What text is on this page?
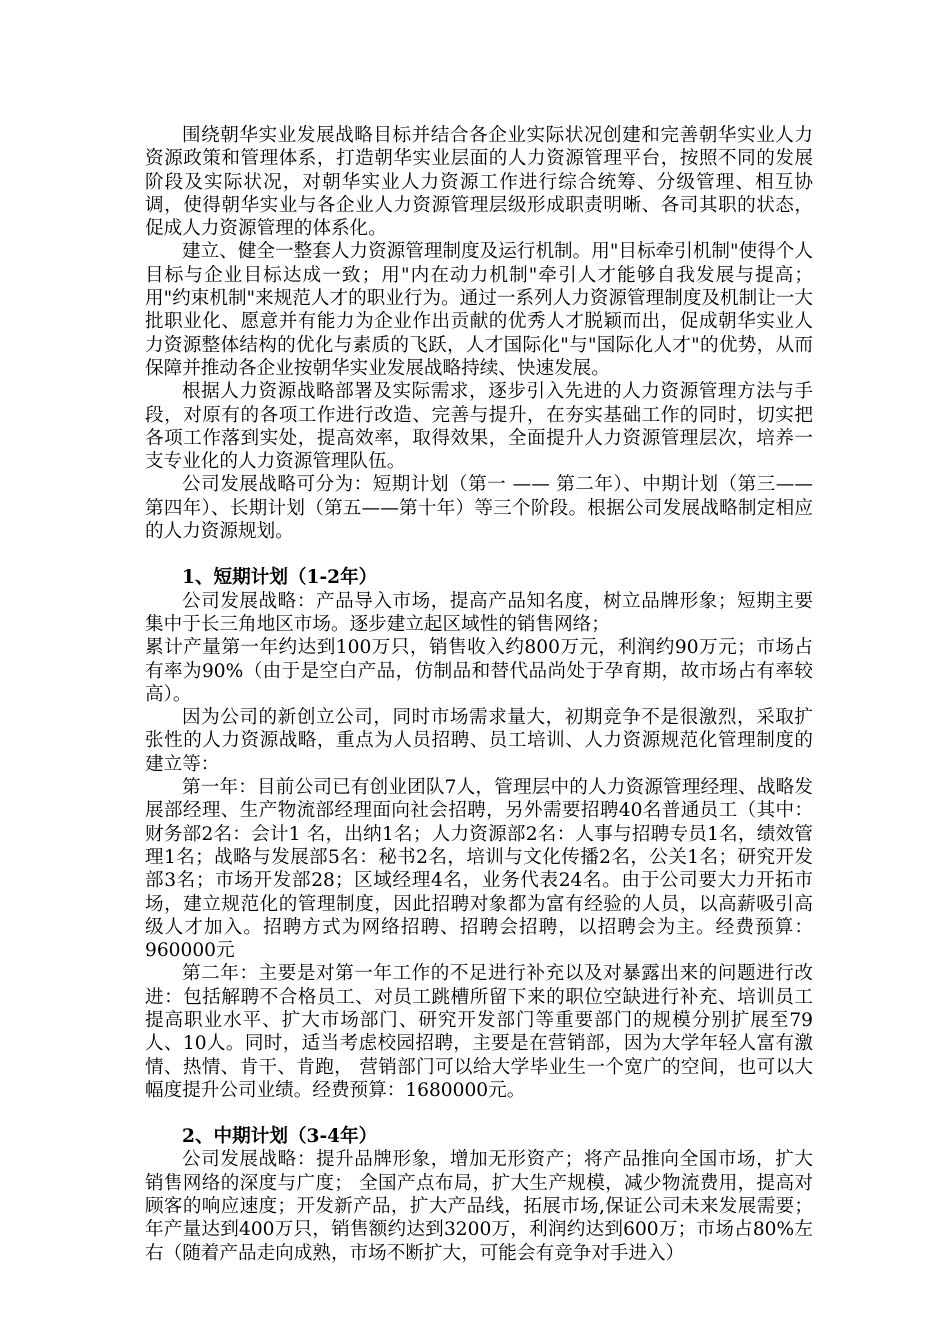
围绕朝华实业发展战略目标并结合各企业实际状况创建和完善朝华实业人力资源政策和管理体系，打造朝华实业层面的人力资源管理平台，按照不同的发展阶段及实际状况，对朝华实业人力资源工作进行综合统筹、分级管理、相互协调，使得朝华实业与各企业人力资源管理层级形成职责明晰、各司其职的状态，促成人力资源管理的体系化。

建立、健全一整套人力资源管理制度及运行机制。用"目标牵引机制"使得个人目标与企业目标达成一致；用"内在动力机制"牵引人才能够自我发展与提高；用"约束机制"来规范人才的职业行为。通过一系列人力资源管理制度及机制让一大批职业化、愿意并有能力为企业作出贡献的优秀人才脱颖而出，促成朝华实业人力资源整体结构的优化与素质的飞跃，人才国际化"与"国际化人才"的优势，从而保障并推动各企业按朝华实业发展战略持续、快速发展。

根据人力资源战略部署及实际需求，逐步引入先进的人力资源管理方法与手段，对原有的各项工作进行改造、完善与提升，在夯实基础工作的同时，切实把各项工作落到实处，提高效率，取得效果，全面提升人力资源管理层次，培养一支专业化的人力资源管理队伍。

公司发展战略可分为：短期计划（第一 —— 第二年）、中期计划（第三—— 第四年）、长期计划（第五——第十年）等三个阶段。根据公司发展战略制定相应的人力资源规划。

1、短期计划（1-2年）

公司发展战略：产品导入市场，提高产品知名度，树立品牌形象；短期主要集中于长三角地区市场。逐步建立起区域性的销售网络；

累计产量第一年约达到100万只，销售收入约800万元，利润约90万元；市场占有率为90%（由于是空白产品，仿制品和替代品尚处于孕育期，故市场占有率较高）。

因为公司的新创立公司，同时市场需求量大，初期竞争不是很激烈，采取扩张性的人力资源战略，重点为人员招聘、员工培训、人力资源规范化管理制度的建立等：

第一年：目前公司已有创业团队7人，管理层中的人力资源管理经理、战略发展部经理、生产物流部经理面向社会招聘，另外需要招聘40名普通员工（其中：财务部2名：会计1 名，出纳1名；人力资源部2名：人事与招聘专员1名，绩效管理1名；战略与发展部5名：秘书2名，培训与文化传播2名，公关1名；研究开发部3名；市场开发部28；区域经理4名，业务代表24名。由于公司要大力开拓市场，建立规范化的管理制度，因此招聘对象都为富有经验的人员，以高薪吸引高级人才加入。招聘方式为网络招聘、招聘会招聘，以招聘会为主。经费预算：960000元

第二年：主要是对第一年工作的不足进行补充以及对暴露出来的问题进行改进：包括解聘不合格员工、对员工跳槽所留下来的职位空缺进行补充、培训员工提高职业水平、扩大市场部门、研究开发部门等重要部门的规模分别扩展至79人、10人。同时，适当考虑校园招聘，主要是在营销部，因为大学年轻人富有激情、热情、肯干、肯跑， 营销部门可以给大学毕业生一个宽广的空间，也可以大幅度提升公司业绩。经费预算：1680000元。

2、中期计划（3-4年）

公司发展战略：提升品牌形象，增加无形资产；将产品推向全国市场，扩大销售网络的深度与广度； 全国产点布局，扩大生产规模，减少物流费用，提高对顾客的响应速度；开发新产品，扩大产品线，拓展市场,保证公司未来发展需要；年产量达到400万只，销售额约达到3200万，利润约达到600万；市场占80%左右（随着产品走向成熟，市场不断扩大，可能会有竞争对手进入）
